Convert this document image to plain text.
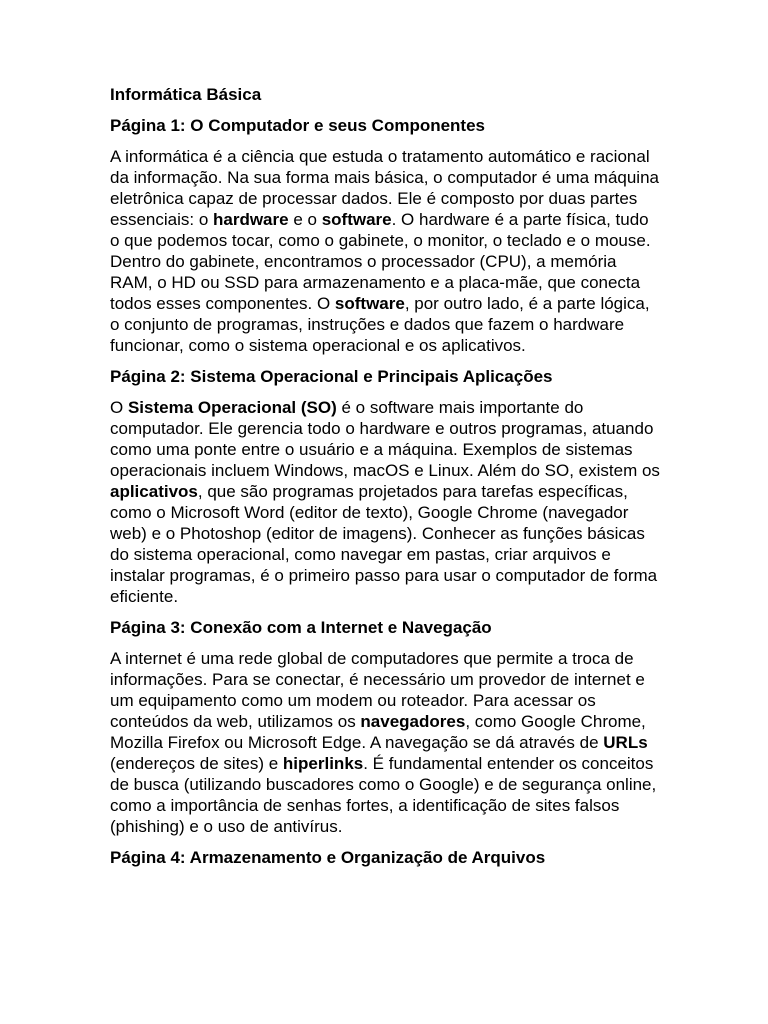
Informática Básica
Página 1: O Computador e seus Componentes

A informática é a ciência que estuda o tratamento automático e racional da informação. Na sua forma mais básica, o computador é uma máquina eletrônica capaz de processar dados. Ele é composto por duas partes essenciais: o hardware e o software. O hardware é a parte física, tudo o que podemos tocar, como o gabinete, o monitor, o teclado e o mouse. Dentro do gabinete, encontramos o processador (CPU), a memória RAM, o HD ou SSD para armazenamento e a placa-mãe, que conecta todos esses componentes. O software, por outro lado, é a parte lógica, o conjunto de programas, instruções e dados que fazem o hardware funcionar, como o sistema operacional e os aplicativos.

Página 2: Sistema Operacional e Principais Aplicações

O Sistema Operacional (SO) é o software mais importante do computador. Ele gerencia todo o hardware e outros programas, atuando como uma ponte entre o usuário e a máquina. Exemplos de sistemas operacionais incluem Windows, macOS e Linux. Além do SO, existem os aplicativos, que são programas projetados para tarefas específicas, como o Microsoft Word (editor de texto), Google Chrome (navegador web) e o Photoshop (editor de imagens). Conhecer as funções básicas do sistema operacional, como navegar em pastas, criar arquivos e instalar programas, é o primeiro passo para usar o computador de forma eficiente.

Página 3: Conexão com a Internet e Navegação

A internet é uma rede global de computadores que permite a troca de informações. Para se conectar, é necessário um provedor de internet e um equipamento como um modem ou roteador. Para acessar os conteúdos da web, utilizamos os navegadores, como Google Chrome, Mozilla Firefox ou Microsoft Edge. A navegação se dá através de URLs (endereços de sites) e hiperlinks. É fundamental entender os conceitos de busca (utilizando buscadores como o Google) e de segurança online, como a importância de senhas fortes, a identificação de sites falsos (phishing) e o uso de antivírus.

Página 4: Armazenamento e Organização de Arquivos
